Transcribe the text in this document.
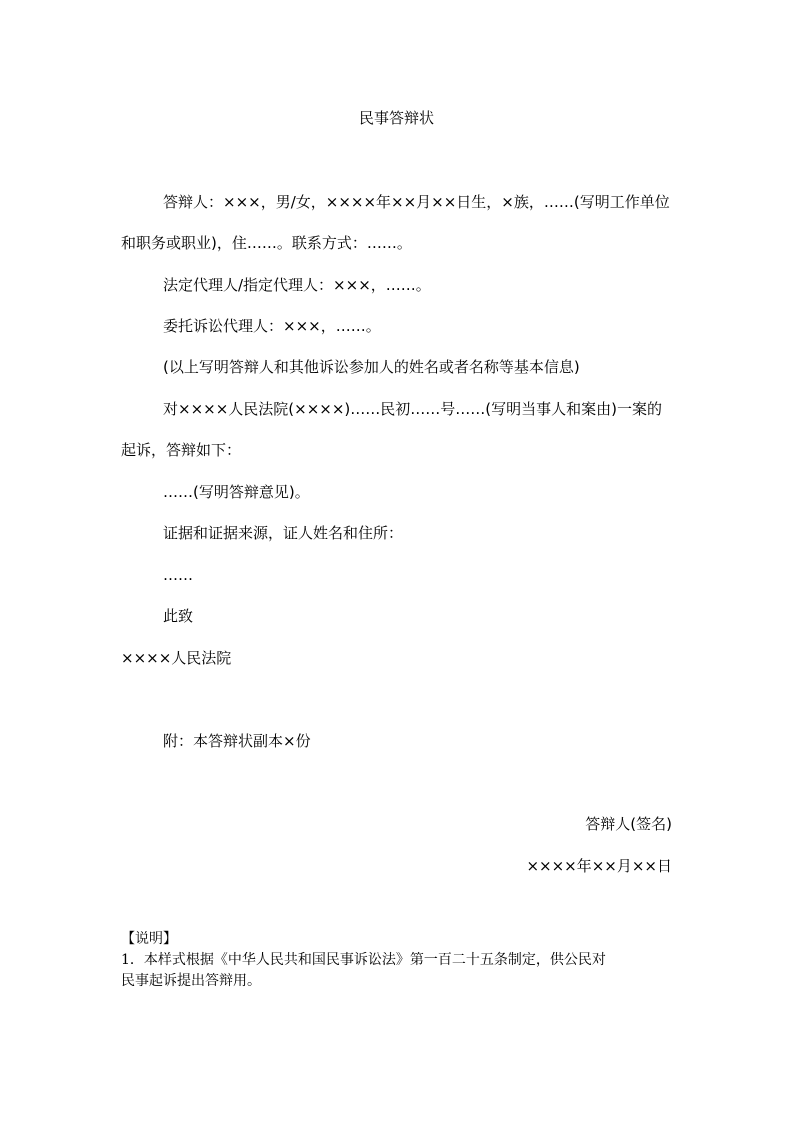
民事答辩状
答辩人：×××，男/女，××××年××月××日生，×族，……(写明工作单位
和职务或职业)，住……。联系方式：……。
法定代理人/指定代理人：×××，……。
委托诉讼代理人：×××，……。
(以上写明答辩人和其他诉讼参加人的姓名或者名称等基本信息)
对××××人民法院(××××)……民初……号……(写明当事人和案由)一案的
起诉，答辩如下：
……(写明答辩意见)。
证据和证据来源，证人姓名和住所：
……
此致
××××人民法院
附：本答辩状副本×份
答辩人(签名)
××××年××月××日
【说明】
1．本样式根据《中华人民共和国民事诉讼法》第一百二十五条制定，供公民对
民事起诉提出答辩用。
